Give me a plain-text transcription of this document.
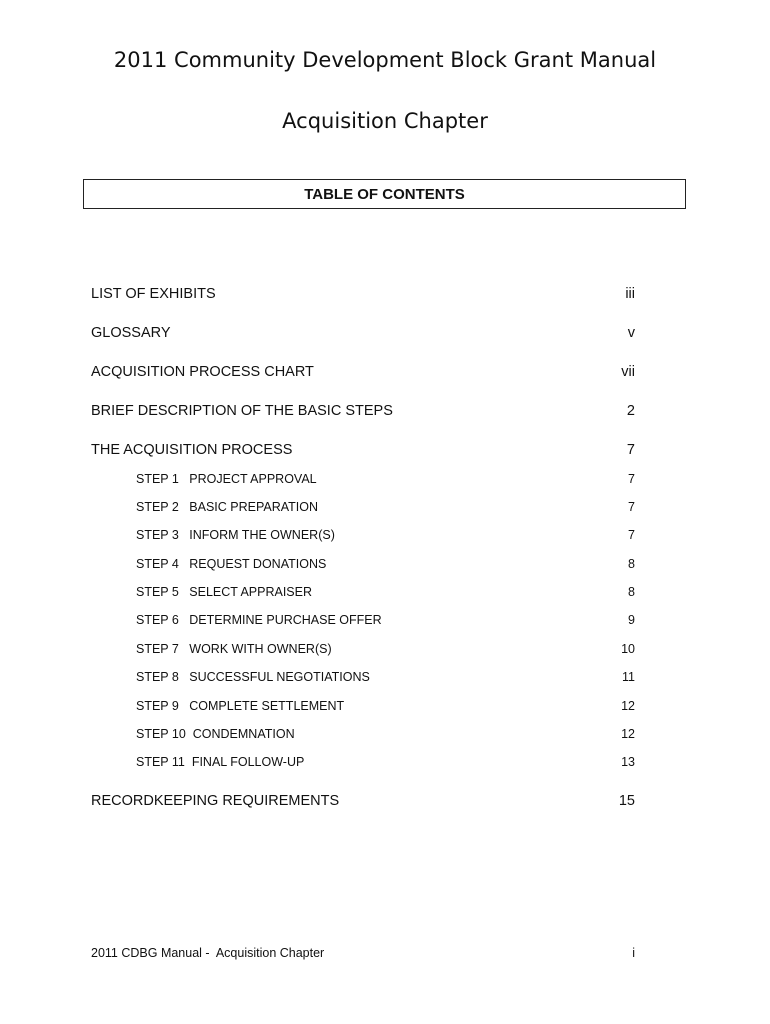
2011 Community Development Block Grant Manual
Acquisition Chapter
TABLE OF CONTENTS
LIST OF EXHIBITS	iii
GLOSSARY	v
ACQUISITION PROCESS CHART	vii
BRIEF DESCRIPTION OF THE BASIC STEPS	2
THE ACQUISITION PROCESS	7
STEP 1   PROJECT APPROVAL	7
STEP 2   BASIC PREPARATION	7
STEP 3   INFORM THE OWNER(S)	7
STEP 4   REQUEST DONATIONS	8
STEP 5   SELECT APPRAISER	8
STEP 6   DETERMINE PURCHASE OFFER	9
STEP 7   WORK WITH OWNER(S)	10
STEP 8   SUCCESSFUL NEGOTIATIONS	11
STEP 9   COMPLETE SETTLEMENT	12
STEP 10  CONDEMNATION	12
STEP 11  FINAL FOLLOW-UP	13
RECORDKEEPING REQUIREMENTS	15
2011 CDBG Manual -  Acquisition Chapter	i
